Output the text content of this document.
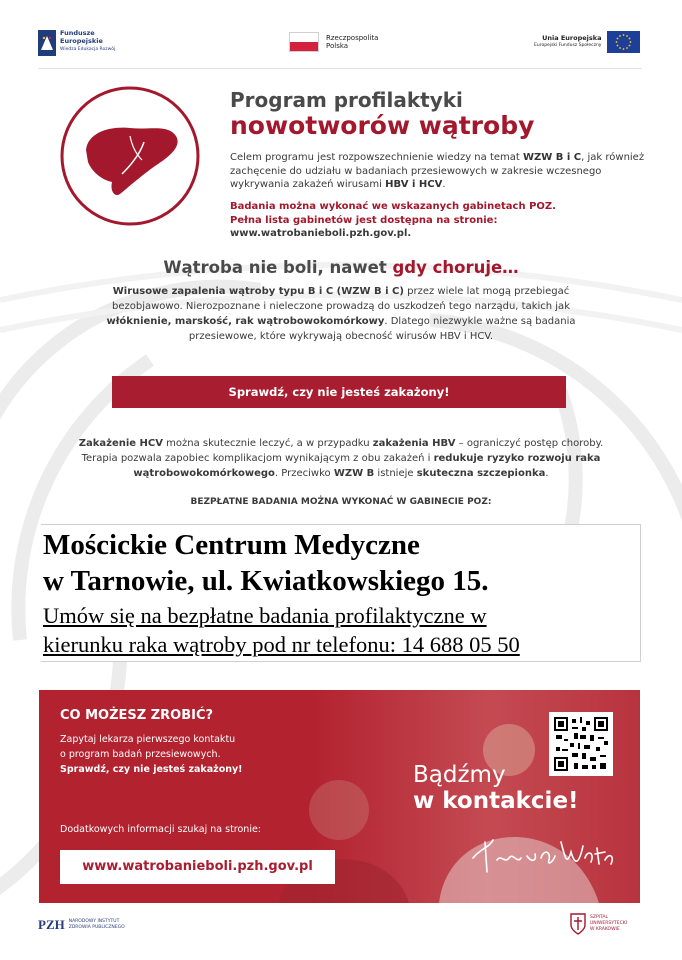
Fundusze
Europejskie
Wiedza Edukacja Rozwój
Rzeczpospolita
Polska
Unia Europejska
Europejski Fundusz Społeczny
Program profilaktyki
nowotworów wątroby
Celem programu jest rozpowszechnienie wiedzy na temat WZW B i C, jak również zachęcenie do udziału w badaniach przesiewowych w zakresie wczesnego wykrywania zakażeń wirusami HBV i HCV.
Badania można wykonać we wskazanych gabinetach POZ.
Pełna lista gabinetów jest dostępna na stronie:
www.watrobanieboli.pzh.gov.pl.
Wątroba nie boli, nawet gdy choruje…
Wirusowe zapalenia wątroby typu B i C (WZW B i C) przez wiele lat mogą przebiegać bezobjawowo. Nierozpoznane i nieleczone prowadzą do uszkodzeń tego narządu, takich jak włóknienie, marskość, rak wątrobowokomórkowy. Dlatego niezwykle ważne są badania przesiewowe, które wykrywają obecność wirusów HBV i HCV.
Sprawdź, czy nie jesteś zakażony!
Zakażenie HCV można skutecznie leczyć, a w przypadku zakażenia HBV – ograniczyć postęp choroby. Terapia pozwala zapobiec komplikacjom wynikającym z obu zakażeń i redukuje ryzyko rozwoju raka wątrobowokomórkowego. Przeciwko WZW B istnieje skuteczna szczepionka.
BEZPŁATNE BADANIA MOŻNA WYKONAĆ W GABINECIE POZ:
Mościckie Centrum Medyczne
w Tarnowie, ul. Kwiatkowskiego 15.
Umów się na bezpłatne badania profilaktyczne w
kierunku raka wątroby pod nr telefonu: 14 688 05 50
CO MOŻESZ ZROBIĆ?
Zapytaj lekarza pierwszego kontaktu
o program badań przesiewowych.
Sprawdź, czy nie jesteś zakażony!
Dodatkowych informacji szukaj na stronie:
www.watrobanieboli.pzh.gov.pl
Bądźmy
w kontakcie!
PZH NARODOWY INSTYTUT
ZDROWIA PUBLICZNEGO
SZPITAL
UNIWERSYTECKI
W KRAKOWIE
